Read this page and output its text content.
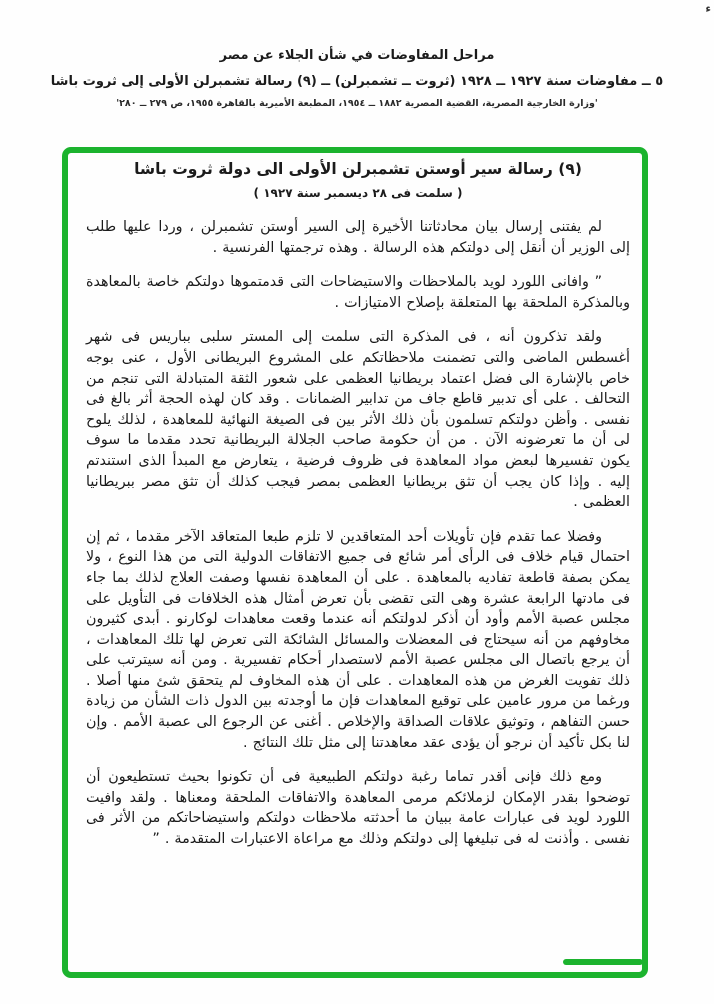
ء
مراحل المفاوضات في شأن الجلاء عن مصر
٥ ــ مفاوضات سنة ١٩٢٧ ــ ١٩٢٨ (ثروت ــ تشمبرلن) ــ (٩) رسالة تشمبرلن الأولى إلى ثروت باشا
'وزارة الخارجية المصرية، القضية المصرية ١٨٨٢ ــ ١٩٥٤، المطبعة الأميرية بالقاهرة ١٩٥٥، ص ٢٧٩ ــ ٢٨٠'
(٩) رسالة سير أوستن تشمبرلن الأولى الى دولة ثروت باشا
( سلمت فى ٢٨ ديسمبر سنة ١٩٢٧ )

لم يفتنى إرسال بيان محادثاتنا الأخيرة إلى السير أوستن تشمبرلن ، وردا عليها طلب إلى الوزير أن أنقل إلى دولتكم هذه الرسالة . وهذه ترجمتها الفرنسية .

” وافانى اللورد لويد بالملاحظات والاستيضاحات التى قدمتموها دولتكم خاصة بالمعاهدة وبالمذكرة الملحقة بها المتعلقة بإصلاح الامتيازات .

ولقد تذكرون أنه ، فى المذكرة التى سلمت إلى المستر سلبى بباريس فى شهر أغسطس الماضى والتى تضمنت ملاحظاتكم على المشروع البريطانى الأول ، عنى بوجه خاص بالإشارة الى فضل اعتماد بريطانيا العظمى على شعور الثقة المتبادلة التى تنجم من التحالف . على أى تدبير قاطع جاف من تدابير الضمانات . وقد كان لهذه الحجة أثر بالغ فى نفسى . وأظن دولتكم تسلمون بأن ذلك الأثر بين فى الصيغة النهائية للمعاهدة ، لذلك يلوح لى أن ما تعرضونه الآن . من أن حكومة صاحب الجلالة البريطانية تحدد مقدما ما سوف يكون تفسيرها لبعض مواد المعاهدة فى ظروف فرضية ، يتعارض مع المبدأ الذى استندتم إليه . وإذا كان يجب أن تثق بريطانيا العظمى بمصر فيجب كذلك أن تثق مصر ببريطانيا العظمى .

وفضلا عما تقدم فإن تأويلات أحد المتعاقدين لا تلزم طبعا المتعاقد الآخر مقدما ، ثم إن احتمال قيام خلاف فى الرأى أمر شائع فى جميع الاتفاقات الدولية التى من هذا النوع ، ولا يمكن بصفة قاطعة تفاديه بالمعاهدة . على أن المعاهدة نفسها وصفت العلاج لذلك بما جاء فى مادتها الرابعة عشرة وهى التى تقضى بأن تعرض أمثال هذه الخلافات فى التأويل على مجلس عصبة الأمم وأود أن أذكر لدولتكم أنه عندما وقعت معاهدات لوكارنو . أبدى كثيرون مخاوفهم من أنه سيحتاج فى المعضلات والمسائل الشائكة التى تعرض لها تلك المعاهدات ، أن يرجع باتصال الى مجلس عصبة الأمم لاستصدار أحكام تفسيرية . ومن أنه سيترتب على ذلك تفويت الغرض من هذه المعاهدات . على أن هذه المخاوف لم يتحقق شئ منها أصلا . ورغما من مرور عامين على توقيع المعاهدات فإن ما أوجدته بين الدول ذات الشأن من زيادة حسن التفاهم ، وتوثيق علاقات الصداقة والإخلاص . أغنى عن الرجوع الى عصبة الأمم . وإن لنا بكل تأكيد أن نرجو أن يؤدى عقد معاهدتنا إلى مثل تلك النتائج .

ومع ذلك فإنى أقدر تماما رغبة دولتكم الطبيعية فى أن تكونوا بحيث تستطيعون أن توضحوا بقدر الإمكان لزملائكم مرمى المعاهدة والاتفاقات الملحقة ومعناها . ولقد وافيت اللورد لويد فى عبارات عامة ببيان ما أحدثته ملاحظات دولتكم واستيضاحاتكم من الأثر فى نفسى . وأذنت له فى تبليغها إلى دولتكم وذلك مع مراعاة الاعتبارات المتقدمة . ”
